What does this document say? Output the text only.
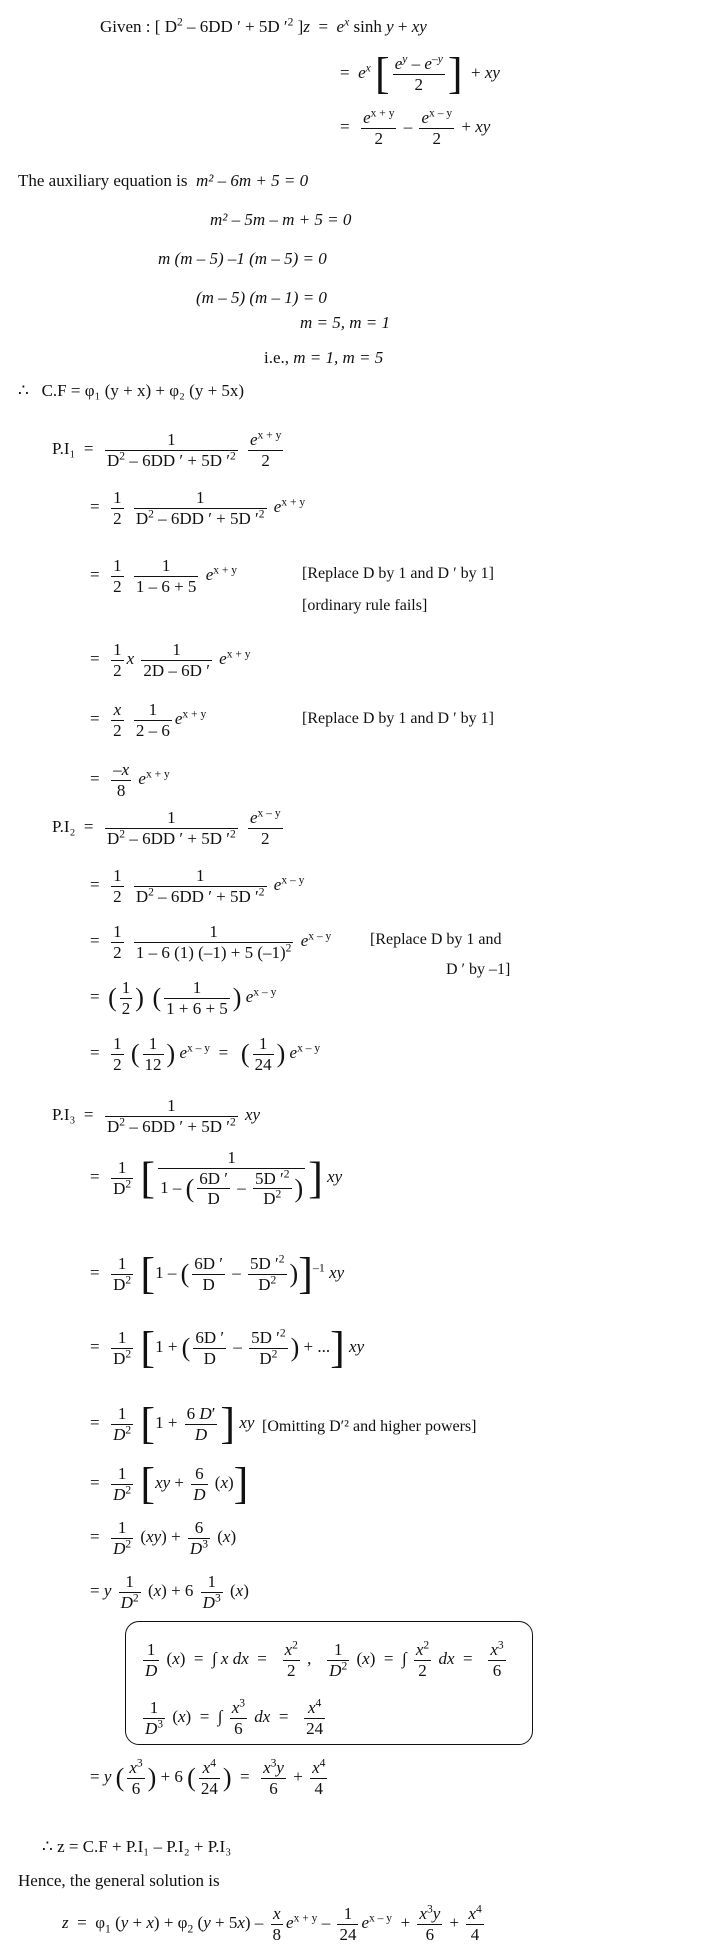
Given : [ $D^2 - 6DD$ ′ + 5D $'^2$ ]$z = e^x$ sinh y + xy
=  $e^x$ [ $\frac{e^y - e^{-y}}{2}$ ]  + xy
= $\frac{e^{x + y}}{2} - \frac{e^{x - y}}{2}$ + xy
The auxiliary equation is m² – 6m + 5 = 0
m² – 5m – m + 5 = 0
m (m – 5) –1 (m – 5) = 0
(m – 5) (m – 1) = 0
m = 5, m = 1
i.e., m = 1, m = 5
∴ C.F = φ₁ (y + x) + φ₂ (y + 5x)
$P.I_1 = \frac{1}{D^2 - 6DD ' + 5D '^2}$
$\frac{e^{x + y}}{2}$
= $\frac{1}{2}$
$\frac{1}{D^2 - 6DD ' + 5D '^2} e^{x + y}$
= $\frac{1}{2}$
$\frac{1}{1 - 6 + 5} e^{x + y}$	[Replace D by 1 and D ′ by 1]
[ordinary rule fails]
= $\frac{1}{2}$ x $\frac{1}{2D - 6D '} e^{x + y}$
= $\frac{x}{2}$
$\frac{1}{2 - 6} e^{x + y}$	[Replace D by 1 and D ′ by 1]
= $\frac{-x}{8} e^{x + y}$
$P.I_2 = \frac{1}{D^2 - 6DD ' + 5D '^2}$
$\frac{e^{x - y}}{2}$
= $\frac{1}{2}$
$\frac{1}{D^2 - 6DD ' + 5D '^2} e^{x - y}$
= $\frac{1}{2}$
$\frac{1}{1 - 6 (1) (-1) + 5 (-1)^2} e^{x - y}$ [Replace D by 1 and
D ′ by –1]
=  ( $\frac{1}{2}$ ) ( $\frac{1}{1 + 6 + 5}$ ) $e^{x - y}$
= $\frac{1}{2}$ ( $\frac{1}{12}$ ) $e^{x - y}$  =   ( $\frac{1}{24}$ ) $e^{x - y}$
$P.I_3 = \frac{1}{D^2 - 6DD ' + 5D '^2}$ xy
= $\frac{1}{D^2}$ [ $\frac{1}{1 - ( \frac{6D '}{D} - \frac{5D '^2}{D^2} )}$ ] xy
= $\frac{1}{D^2} [1$ – ( $\frac{6D '}{D} - \frac{5D '^2}{D^2} )]^{-1}$ xy
= $\frac{1}{D^2} [1$ + ( $\frac{6D '}{D} - \frac{5D '^2}{D^2}$ ) + ...] xy
= $\frac{1}{D^2} [1 + \frac{6 D'}{D}$ ] xy [Omitting D′² and higher powers]
= $\frac{1}{D^2} [xy + \frac{6}{D} (x)]$
= $\frac{1}{D^2} (xy) + \frac{6}{D^3} (x)$
= y $\frac{1}{D^2} (x) + 6 \frac{1}{D^3} (x)$
$\frac{1}{D} (x)$  =  ∫ x dx  = $\frac{x^2}{2}$ , $\frac{1}{D^2} (x)$  =  ∫ $\frac{x^2}{2}$ dx  = $\frac{x^3}{6}$
$\frac{1}{D^3} (x)$  =  ∫ $\frac{x^3}{6}$ dx  = $\frac{x^4}{24}$
= y ( $\frac{x^3}{6}$ ) + 6 ( $\frac{x^4}{24}$ )  = $\frac{x^3y}{6} + \frac{x^4}{4}$
∴ z = C.F + P.I₁ – P.I₂ + P.I₃
Hence, the general solution is
$z = \varphi_1$ $(y + x) + \varphi_2$ $(y + 5x) - \frac{x}{8} e^{x + y} - \frac{1}{24} e^{x - y} + \frac{x^3y}{6} + \frac{x^4}{4}$
